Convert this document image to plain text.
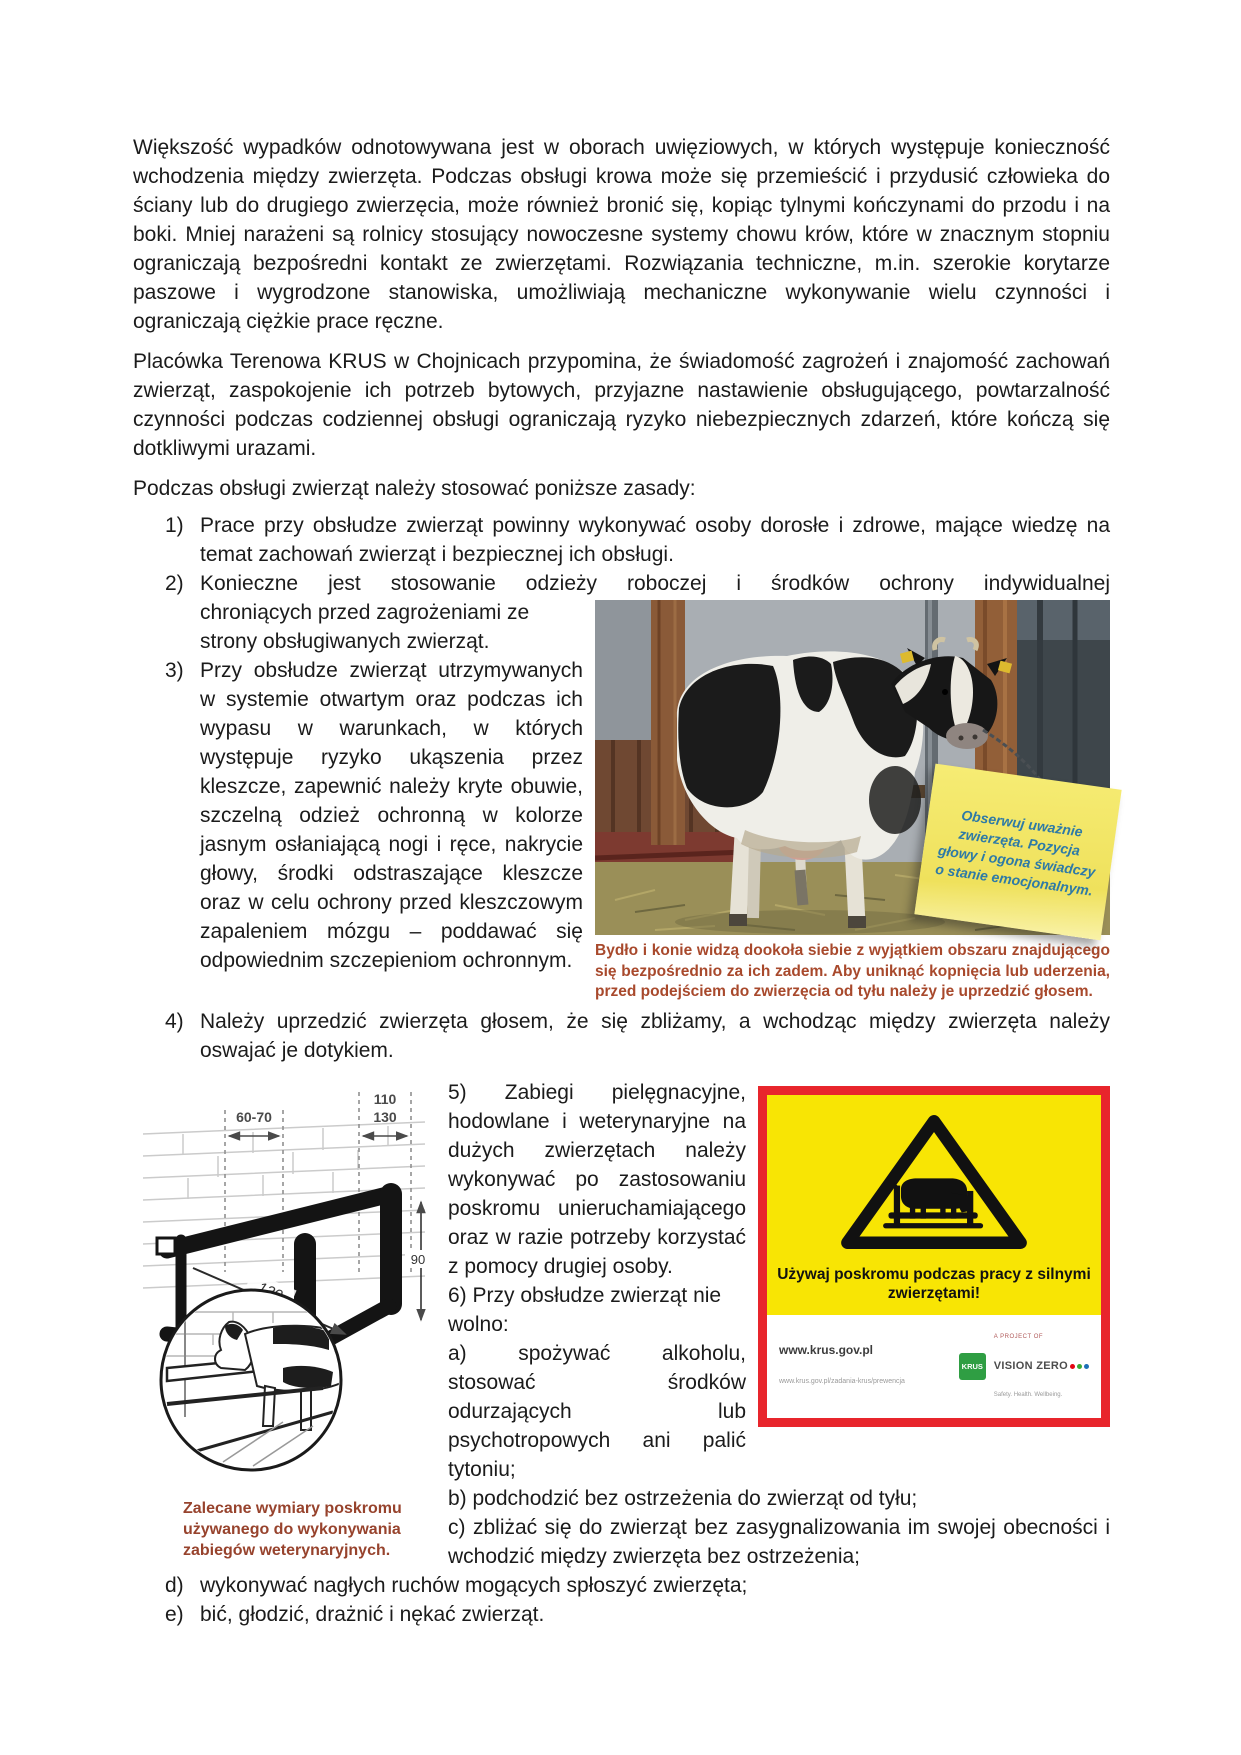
Większość wypadków odnotowywana jest w oborach uwięziowych, w których występuje konieczność wchodzenia między zwierzęta. Podczas obsługi krowa może się przemieścić i przydusić człowieka do ściany lub do drugiego zwierzęcia, może również bronić się, kopiąc tylnymi kończynami do przodu i na boki. Mniej narażeni są rolnicy stosujący nowoczesne systemy chowu krów, które w znacznym stopniu ograniczają bezpośredni kontakt ze zwierzętami. Rozwiązania techniczne, m.in. szerokie korytarze paszowe i wygrodzone stanowiska, umożliwiają mechaniczne wykonywanie wielu czynności i ograniczają ciężkie prace ręczne.

Placówka Terenowa KRUS w Chojnicach przypomina, że świadomość zagrożeń i znajomość zachowań zwierząt, zaspokojenie ich potrzeb bytowych, przyjazne nastawienie obsługującego, powtarzalność czynności podczas codziennej obsługi ograniczają ryzyko niebezpiecznych zdarzeń, które kończą się dotkliwymi urazami.

Podczas obsługi zwierząt należy stosować poniższe zasady:

1) Prace przy obsłudze zwierząt powinny wykonywać osoby dorosłe i zdrowe, mające wiedzę na temat zachowań zwierząt i bezpiecznej ich obsługi.
2) Konieczne jest stosowanie odzieży roboczej i środków ochrony indywidualnej
Obserwuj uważnie zwierzęta. Pozycja głowy i ogona świadczy o stanie emocjonalnym.
Bydło i konie widzą dookoła siebie z wyjątkiem obszaru znajdującego się bezpośrednio za ich zadem. Aby uniknąć kopnięcia lub uderzenia, przed podejściem do zwierzęcia od tyłu należy je uprzedzić głosem.
chroniących przed zagrożeniami ze strony obsługiwanych zwierząt.
3) Przy obsłudze zwierząt utrzymywanych w systemie otwartym oraz podczas ich wypasu w warunkach, w których występuje ryzyko ukąszenia przez kleszcze, zapewnić należy kryte obuwie, szczelną odzież ochronną w kolorze jasnym osłaniającą nogi i ręce, nakrycie głowy, środki odstraszające kleszcze oraz w celu ochrony przed kleszczowym zapaleniem mózgu – poddawać się odpowiednim szczepieniom ochronnym.
4) Należy uprzedzić zwierzęta głosem, że się zbliżamy, a wchodząc między zwierzęta należy oswajać je dotykiem.
60-70
110
130
90
Zalecane wymiary poskromu używanego do wykonywania zabiegów weterynaryjnych.
Używaj poskromu podczas pracy z silnymi zwierzętami!
www.krus.gov.pl
www.krus.gov.pl/zadania-krus/prewencja
KRUS
A PROJECT OF
VISION ZERO
Safety. Health. Wellbeing.
5) Zabiegi pielęgnacyjne, hodowlane i weterynaryjne na dużych zwierzętach należy wykonywać po zastosowaniu poskromu unieruchamiającego oraz w razie potrzeby korzystać z pomocy drugiej osoby.
6) Przy obsłudze zwierząt nie wolno:
a) spożywać alkoholu, stosować środków odurzających lub psychotropowych ani palić tytoniu;
b) podchodzić bez ostrzeżenia do zwierząt od tyłu;
c) zbliżać się do zwierząt bez zasygnalizowania im swojej obecności i wchodzić między zwierzęta bez ostrzeżenia;
d) wykonywać nagłych ruchów mogących spłoszyć zwierzęta;
e) bić, głodzić, drażnić i nękać zwierząt.
